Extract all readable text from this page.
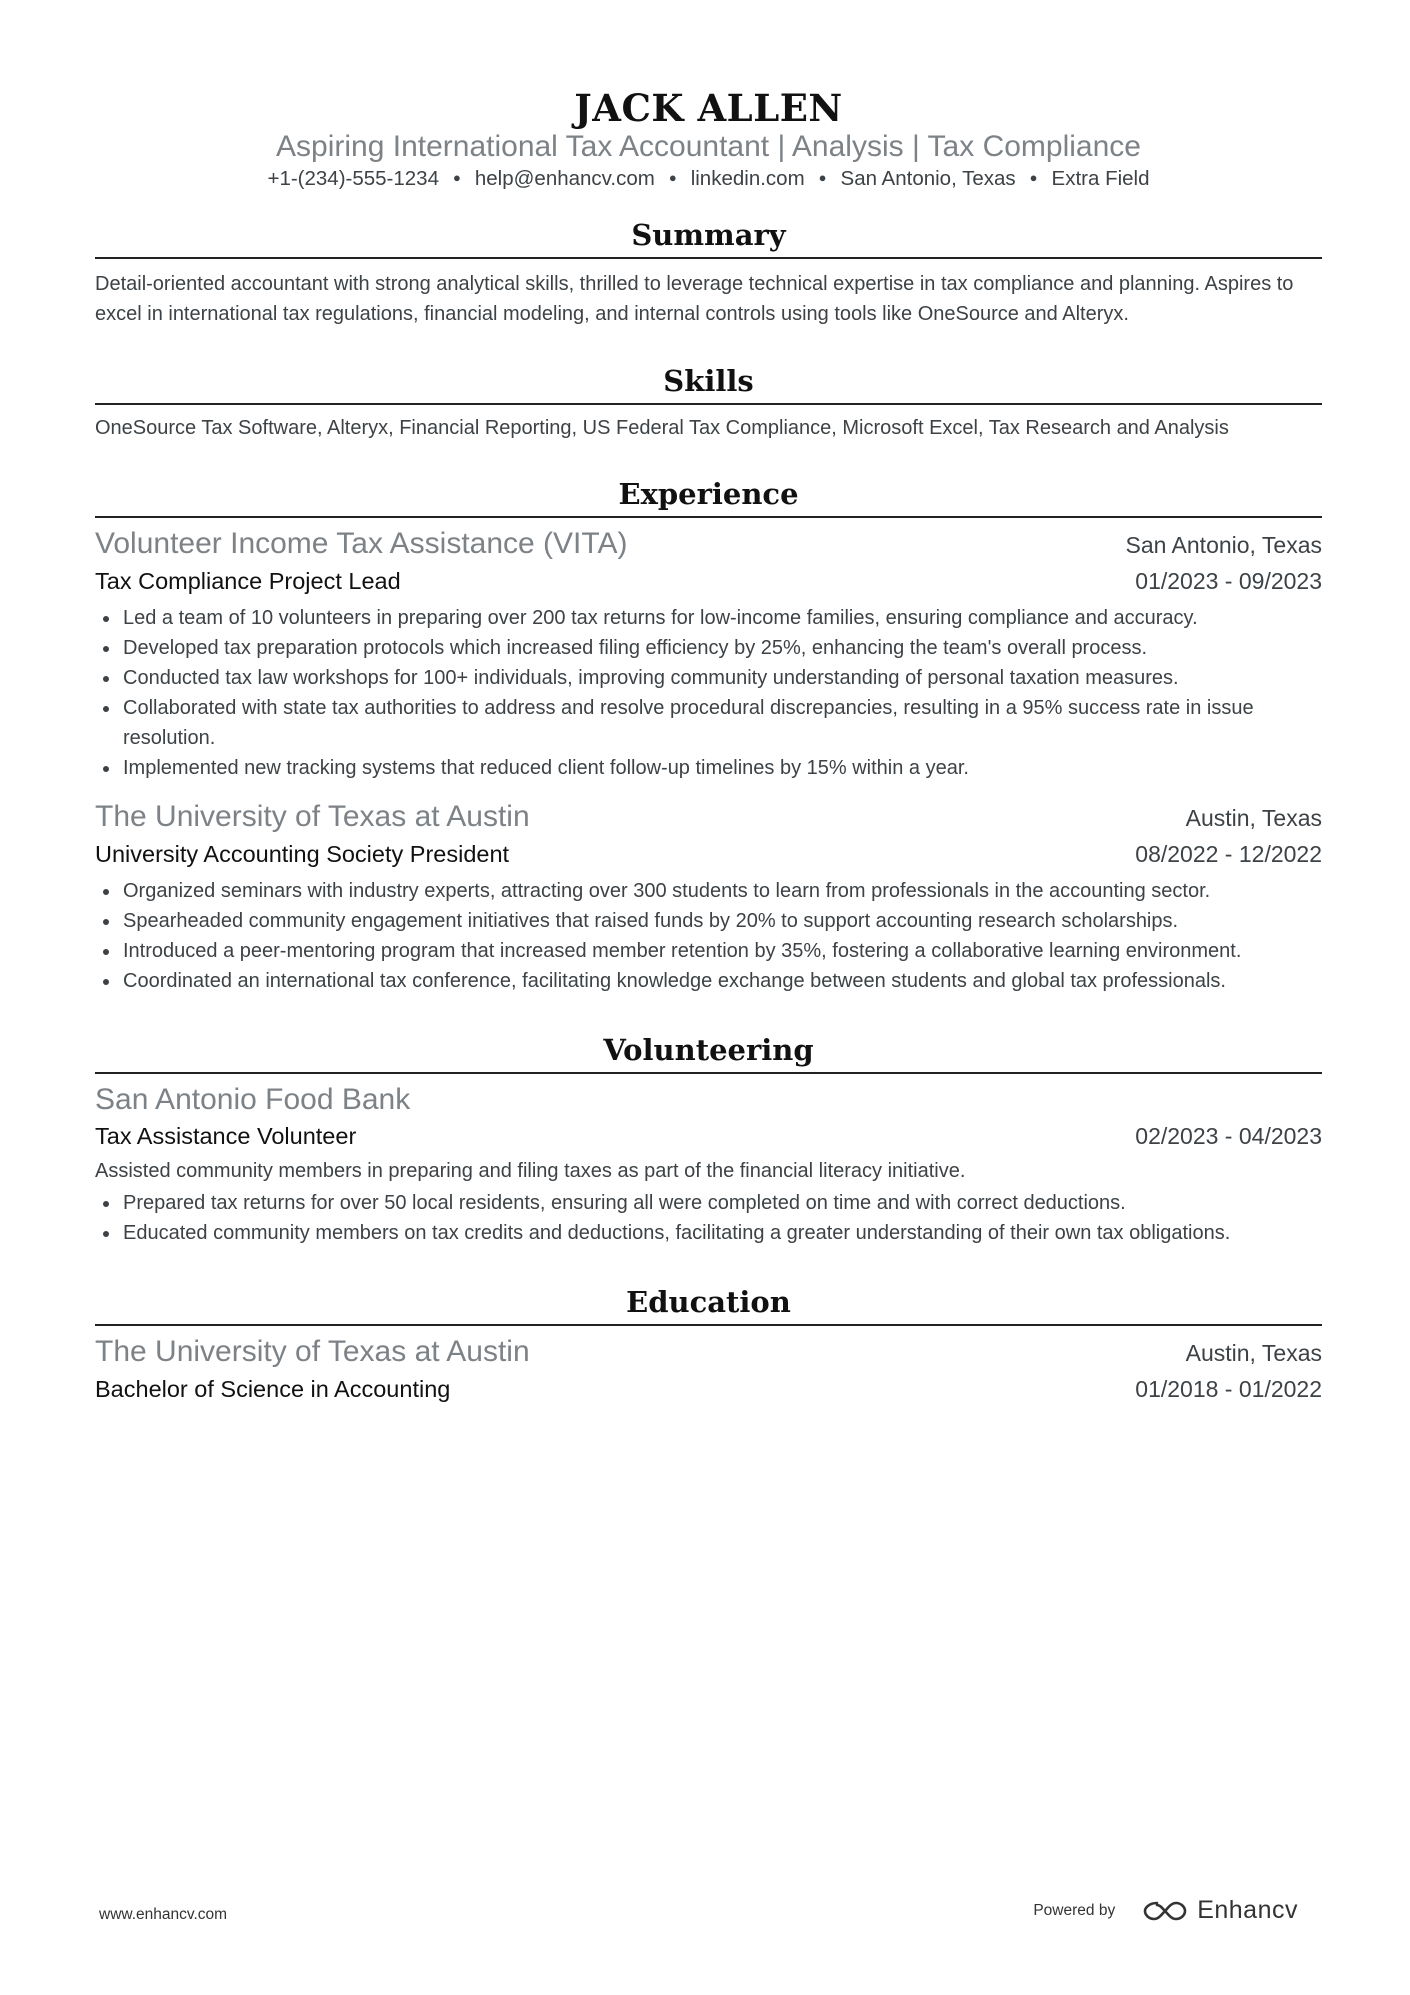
JACK ALLEN
Aspiring International Tax Accountant | Analysis | Tax Compliance
+1-(234)-555-1234 ● help@enhancv.com ● linkedin.com ● San Antonio, Texas ● Extra Field
Summary
Detail-oriented accountant with strong analytical skills, thrilled to leverage technical expertise in tax compliance and planning. Aspires to excel in international tax regulations, financial modeling, and internal controls using tools like OneSource and Alteryx.
Skills
OneSource Tax Software, Alteryx, Financial Reporting, US Federal Tax Compliance, Microsoft Excel, Tax Research and Analysis
Experience
Volunteer Income Tax Assistance (VITA)	San Antonio, Texas
Tax Compliance Project Lead	01/2023 - 09/2023
Led a team of 10 volunteers in preparing over 200 tax returns for low-income families, ensuring compliance and accuracy.
Developed tax preparation protocols which increased filing efficiency by 25%, enhancing the team's overall process.
Conducted tax law workshops for 100+ individuals, improving community understanding of personal taxation measures.
Collaborated with state tax authorities to address and resolve procedural discrepancies, resulting in a 95% success rate in issue resolution.
Implemented new tracking systems that reduced client follow-up timelines by 15% within a year.
The University of Texas at Austin	Austin, Texas
University Accounting Society President	08/2022 - 12/2022
Organized seminars with industry experts, attracting over 300 students to learn from professionals in the accounting sector.
Spearheaded community engagement initiatives that raised funds by 20% to support accounting research scholarships.
Introduced a peer-mentoring program that increased member retention by 35%, fostering a collaborative learning environment.
Coordinated an international tax conference, facilitating knowledge exchange between students and global tax professionals.
Volunteering
San Antonio Food Bank
Tax Assistance Volunteer	02/2023 - 04/2023
Assisted community members in preparing and filing taxes as part of the financial literacy initiative.
Prepared tax returns for over 50 local residents, ensuring all were completed on time and with correct deductions.
Educated community members on tax credits and deductions, facilitating a greater understanding of their own tax obligations.
Education
The University of Texas at Austin	Austin, Texas
Bachelor of Science in Accounting	01/2018 - 01/2022
www.enhancv.com	Powered by	Enhancv
